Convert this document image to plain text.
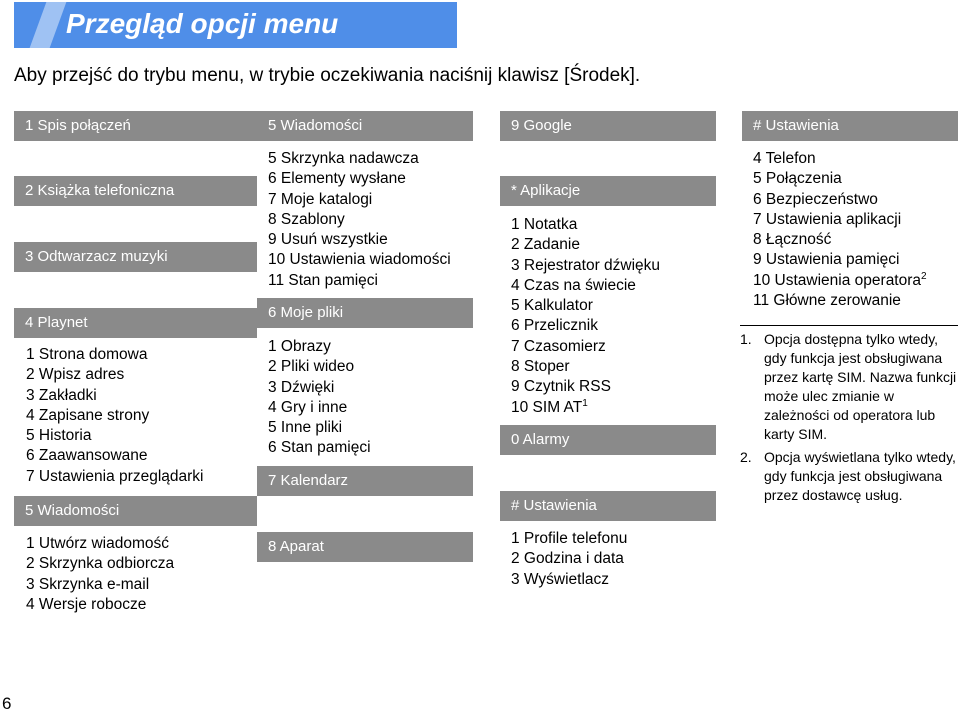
Przegląd opcji menu
Aby przejść do trybu menu, w trybie oczekiwania naciśnij klawisz [Środek].
1 Spis połączeń
2 Książka telefoniczna
3 Odtwarzacz muzyki
4 Playnet
1 Strona domowa
2 Wpisz adres
3 Zakładki
4 Zapisane strony
5 Historia
6 Zaawansowane
7 Ustawienia przeglądarki
5 Wiadomości
1 Utwórz wiadomość
2 Skrzynka odbiorcza
3 Skrzynka e-mail
4 Wersje robocze
5 Wiadomości
5 Skrzynka nadawcza
6 Elementy wysłane
7 Moje katalogi
8 Szablony
9 Usuń wszystkie
10 Ustawienia wiadomości
11 Stan pamięci
6 Moje pliki
1 Obrazy
2 Pliki wideo
3 Dźwięki
4 Gry i inne
5 Inne pliki
6 Stan pamięci
7 Kalendarz
8 Aparat
9 Google
* Aplikacje
1 Notatka
2 Zadanie
3 Rejestrator dźwięku
4 Czas na świecie
5 Kalkulator
6 Przelicznik
7 Czasomierz
8 Stoper
9 Czytnik RSS
10 SIM $AT^1$
0 Alarmy
# Ustawienia
1 Profile telefonu
2 Godzina i data
3 Wyświetlacz
# Ustawienia
4 Telefon
5 Połączenia
6 Bezpieczeństwo
7 Ustawienia aplikacji
8 Łączność
9 Ustawienia pamięci
10 Ustawienia operatora$^2$
11 Główne zerowanie
1. Opcja dostępna tylko wtedy, gdy funkcja jest obsługiwana przez kartę SIM. Nazwa funkcji może ulec zmianie w zależności od operatora lub karty SIM.
2. Opcja wyświetlana tylko wtedy, gdy funkcja jest obsługiwana przez dostawcę usług.
6
